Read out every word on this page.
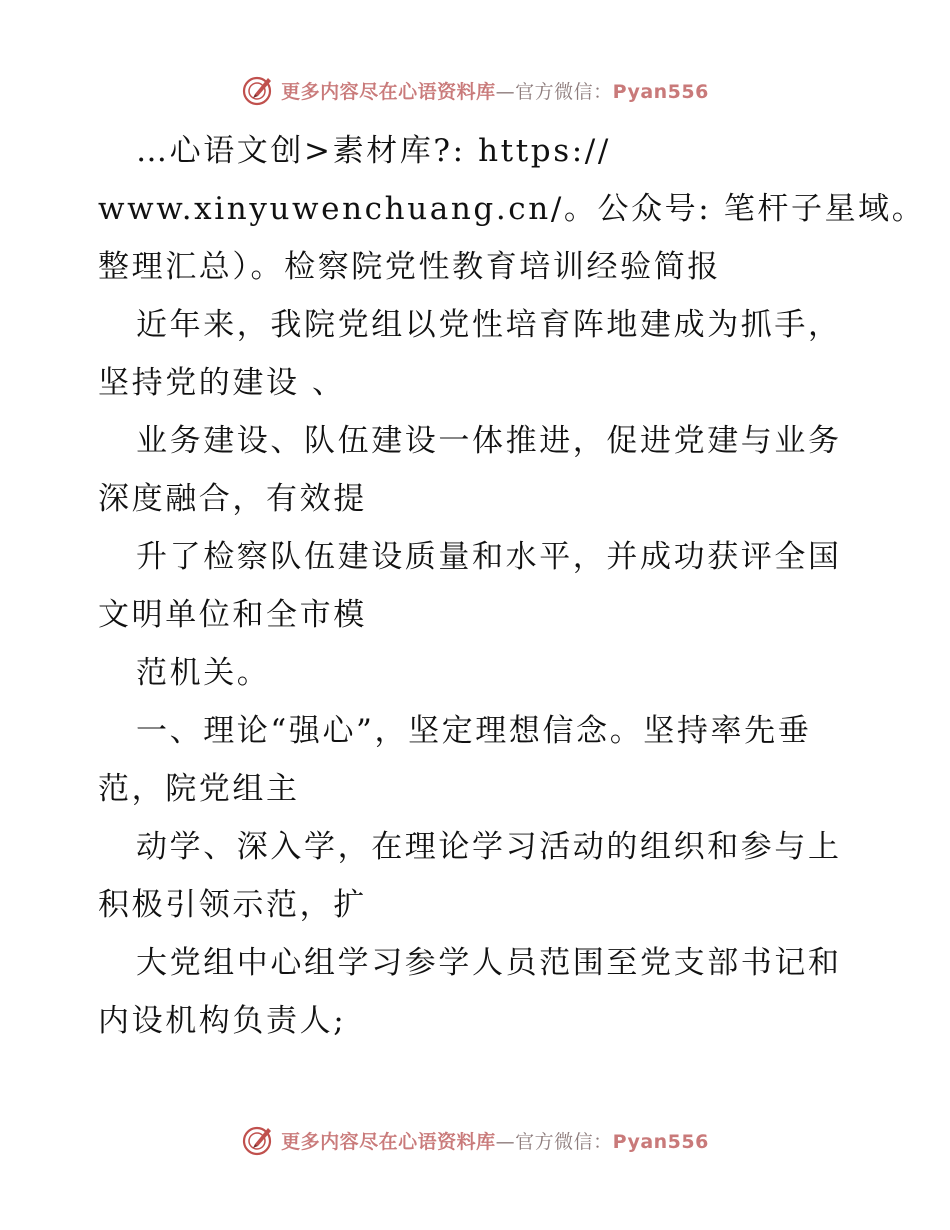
更多内容尽在心语资料库—官方微信：Pyan556
…心语文创>素材库?: https://
www.xinyuwenchuang.cn/。公众号: 笔杆子星域。
整理汇总）。检察院党性教育培训经验简报
近年来，我院党组以党性培育阵地建成为抓手，
坚持党的建设 、
业务建设、队伍建设一体推进，促进党建与业务
深度融合，有效提
升了检察队伍建设质量和水平，并成功获评全国
文明单位和全市模
范机关。
一、理论“强心”，坚定理想信念。坚持率先垂
范，院党组主
动学、深入学，在理论学习活动的组织和参与上
积极引领示范，扩
大党组中心组学习参学人员范围至党支部书记和
内设机构负责人;
更多内容尽在心语资料库—官方微信：Pyan556
